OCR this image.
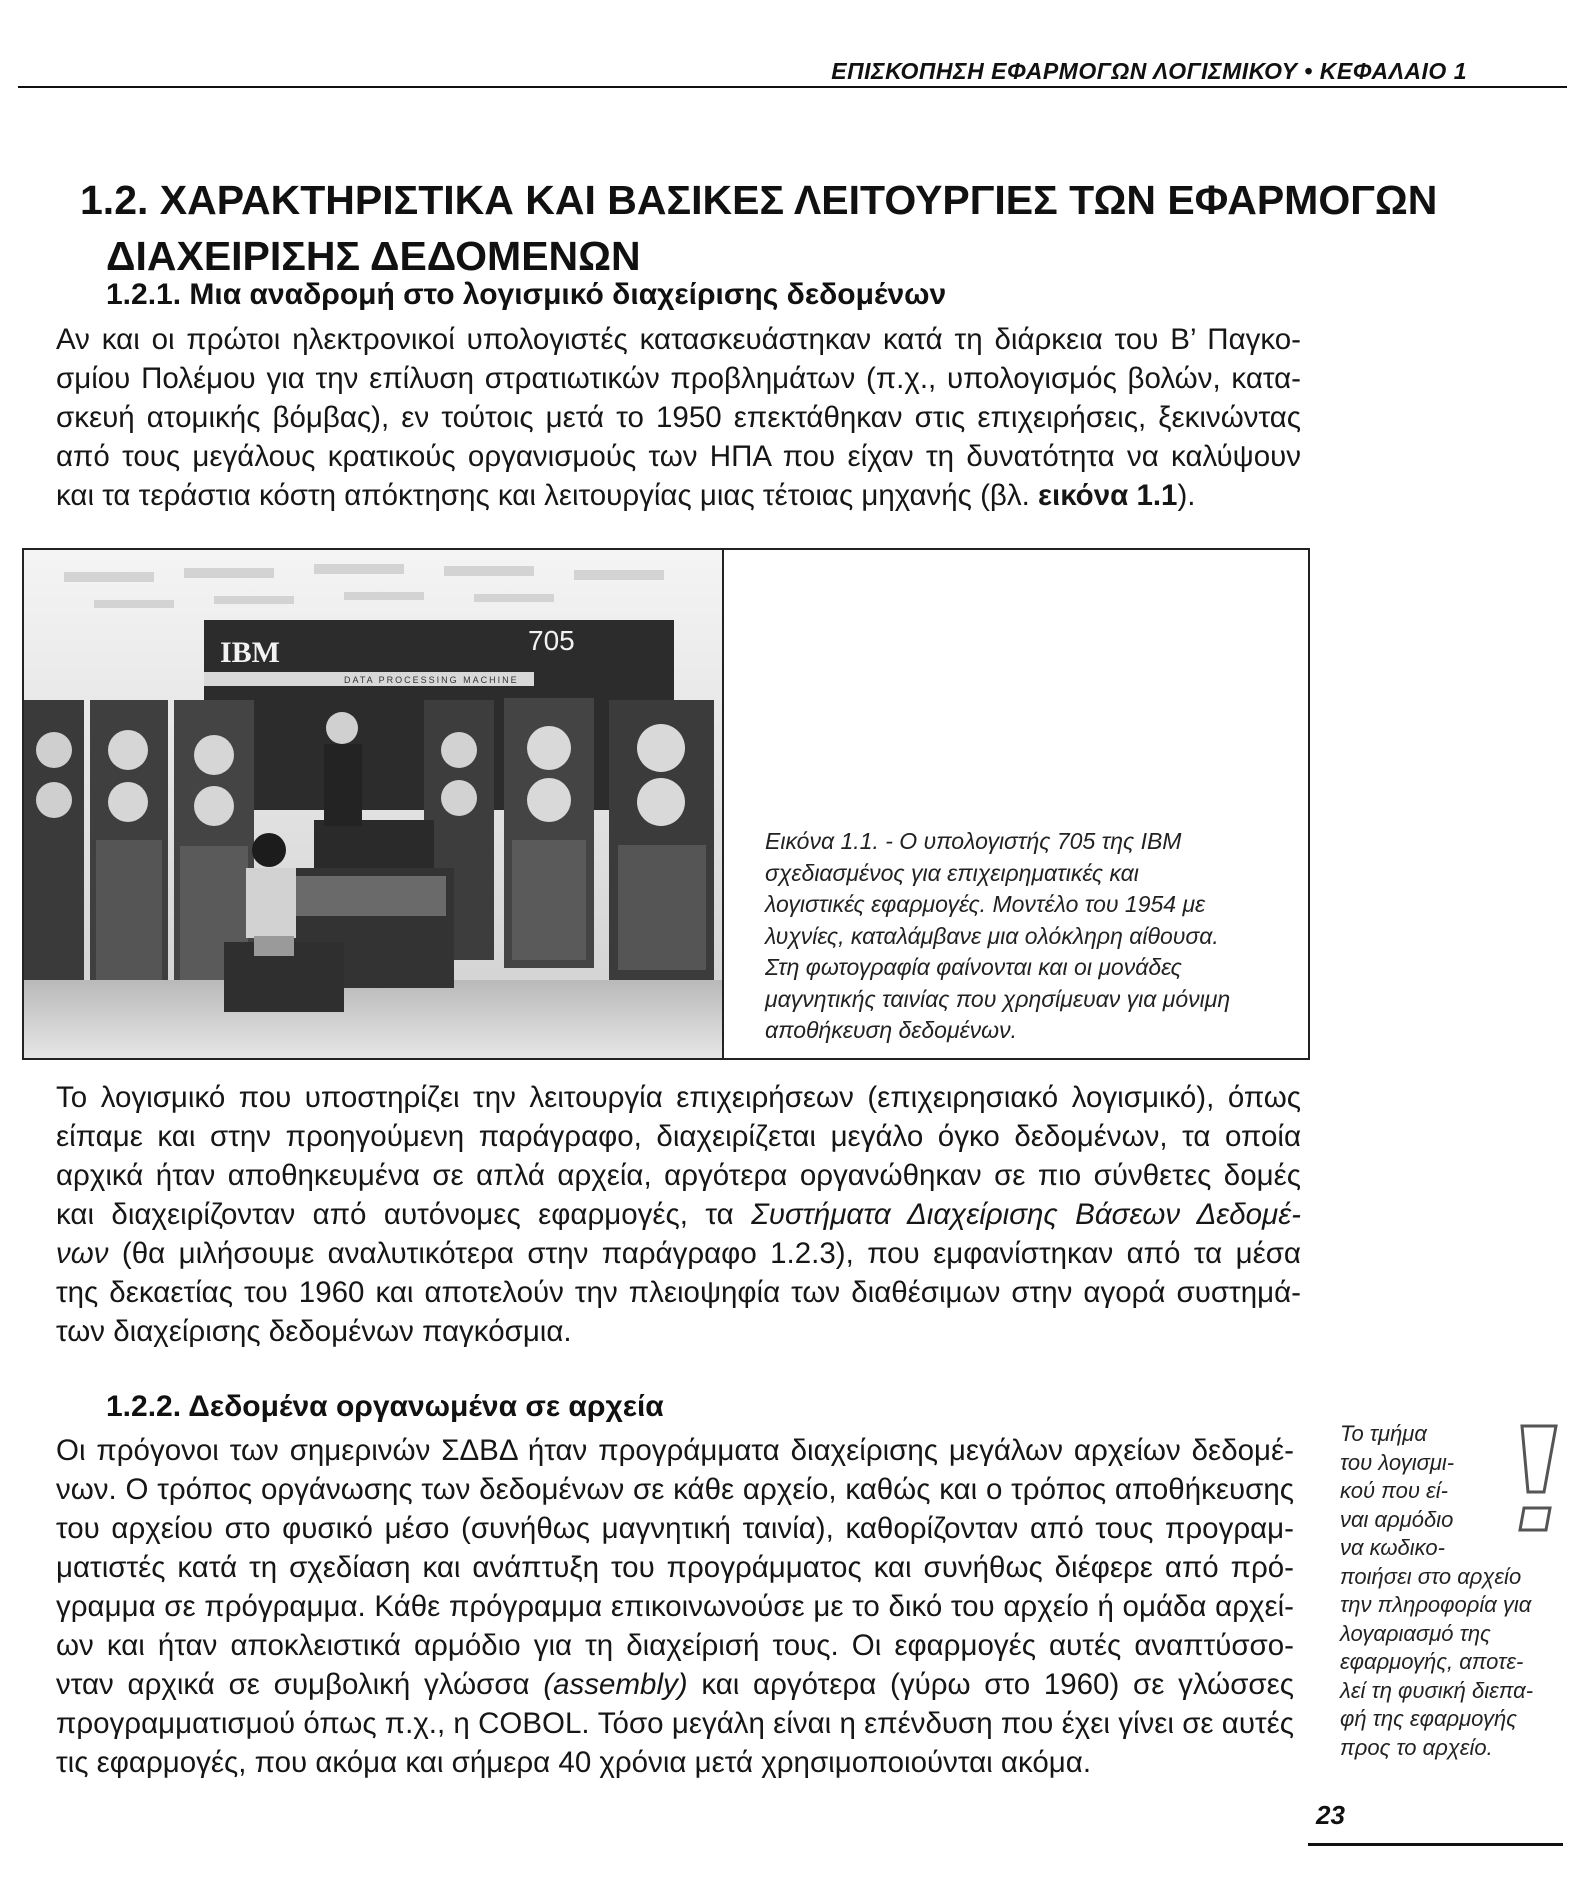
ΕΠΙΣΚΟΠΗΣΗ ΕΦΑΡΜΟΓΩΝ ΛΟΓΙΣΜΙΚΟΥ • ΚΕΦΑΛΑΙΟ 1
1.2. ΧΑΡΑΚΤΗΡΙΣΤΙΚΑ ΚΑΙ ΒΑΣΙΚΕΣ ΛΕΙΤΟΥΡΓΙΕΣ ΤΩΝ ΕΦΑΡΜΟΓΩΝ
ΔΙΑΧΕΙΡΙΣΗΣ ΔΕΔΟΜΕΝΩΝ
1.2.1. Μια αναδρομή στο λογισμικό διαχείρισης δεδομένων

Αν και οι πρώτοι ηλεκτρονικοί υπολογιστές κατασκευάστηκαν κατά τη διάρκεια του Β’ Παγκο-
σμίου Πολέμου για την επίλυση στρατιωτικών προβλημάτων (π.χ., υπολογισμός βολών, κατα-
σκευή ατομικής βόμβας), εν τούτοις μετά το 1950 επεκτάθηκαν στις επιχειρήσεις, ξεκινώντας
από τους μεγάλους κρατικούς οργανισμούς των ΗΠΑ που είχαν τη δυνατότητα να καλύψουν
και τα τεράστια κόστη απόκτησης και λειτουργίας μιας τέτοιας μηχανής (βλ. εικόνα 1.1).

IBM	705
DATA PROCESSING MACHINE

Εικόνα 1.1. - Ο υπολογιστής 705 της IBM
σχεδιασμένος για επιχειρηματικές και
λογιστικές εφαρμογές. Μοντέλο του 1954 με
λυχνίες, καταλάμβανε μια ολόκληρη αίθουσα.
Στη φωτογραφία φαίνονται και οι μονάδες
μαγνητικής ταινίας που χρησίμευαν για μόνιμη
αποθήκευση δεδομένων.

Το λογισμικό που υποστηρίζει την λειτουργία επιχειρήσεων (επιχειρησιακό λογισμικό), όπως
είπαμε και στην προηγούμενη παράγραφο, διαχειρίζεται μεγάλο όγκο δεδομένων, τα οποία
αρχικά ήταν αποθηκευμένα σε απλά αρχεία, αργότερα οργανώθηκαν σε πιο σύνθετες δομές
και διαχειρίζονταν από αυτόνομες εφαρμογές, τα Συστήματα Διαχείρισης Βάσεων Δεδομέ-
νων (θα μιλήσουμε αναλυτικότερα στην παράγραφο 1.2.3), που εμφανίστηκαν από τα μέσα
της δεκαετίας του 1960 και αποτελούν την πλειοψηφία των διαθέσιμων στην αγορά συστημά-
των διαχείρισης δεδομένων παγκόσμια.

1.2.2. Δεδομένα οργανωμένα σε αρχεία

Οι πρόγονοι των σημερινών ΣΔΒΔ ήταν προγράμματα διαχείρισης μεγάλων αρχείων δεδομέ-
νων. Ο τρόπος οργάνωσης των δεδομένων σε κάθε αρχείο, καθώς και ο τρόπος αποθήκευσης
του αρχείου στο φυσικό μέσο (συνήθως μαγνητική ταινία), καθορίζονταν από τους προγραμ-
ματιστές κατά τη σχεδίαση και ανάπτυξη του προγράμματος και συνήθως διέφερε από πρό-
γραμμα σε πρόγραμμα. Κάθε πρόγραμμα επικοινωνούσε με το δικό του αρχείο ή ομάδα αρχεί-
ων και ήταν αποκλειστικά αρμόδιο για τη διαχείρισή τους. Οι εφαρμογές αυτές αναπτύσσο-
νταν αρχικά σε συμβολική γλώσσα (assembly) και αργότερα (γύρω στο 1960) σε γλώσσες
προγραμματισμού όπως π.χ., η COBOL. Τόσο μεγάλη είναι η επένδυση που έχει γίνει σε αυτές
τις εφαρμογές, που ακόμα και σήμερα 40 χρόνια μετά χρησιμοποιούνται ακόμα.

Το τμήμα
του λογισμι-
κού που εί-
ναι αρμόδιο
να κωδικο-
ποιήσει στο αρχείο
την πληροφορία για
λογαριασμό της
εφαρμογής, αποτε-
λεί τη φυσική διεπα-
φή της εφαρμογής
προς το αρχείο.

23
